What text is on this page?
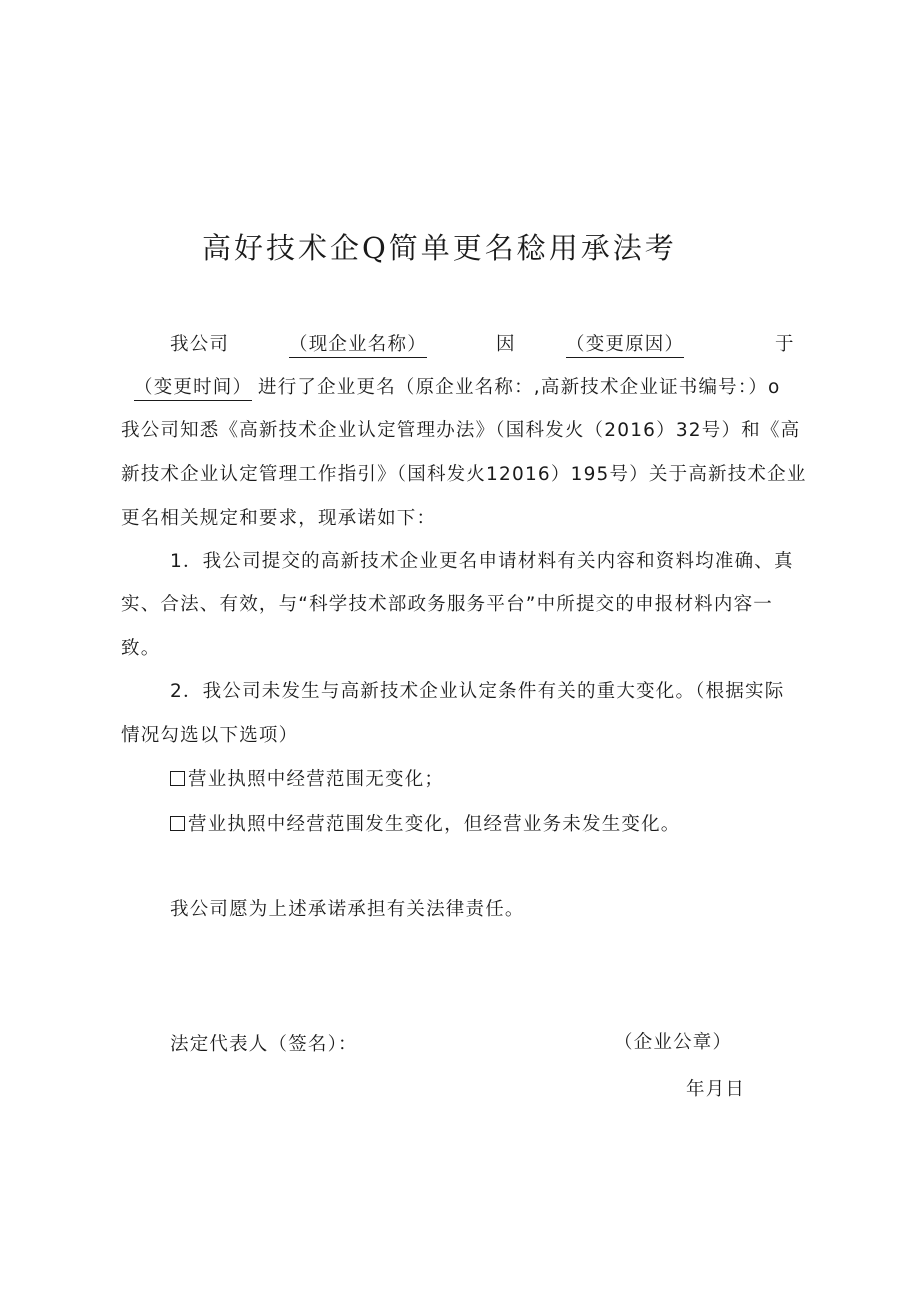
高好技术企Q简单更名稔用承法考
我公司	（现企业名称）	因	（变更原因）	于
（变更时间） 进行了企业更名（原企业名称：,高新技术企业证书编号：）o
我公司知悉《高新技术企业认定管理办法》（国科发火（2016）32号）和《高
新技术企业认定管理工作指引》（国科发火12016）195号）关于高新技术企业
更名相关规定和要求，现承诺如下：
1．我公司提交的高新技术企业更名申请材料有关内容和资料均准确、真
实、合法、有效，与“科学技术部政务服务平台”中所提交的申报材料内容一
致。
2．我公司未发生与高新技术企业认定条件有关的重大变化。（根据实际
情况勾选以下选项）
营业执照中经营范围无变化；
营业执照中经营范围发生变化，但经营业务未发生变化。
我公司愿为上述承诺承担有关法律责任。
法定代表人（签名）：	（企业公章）
年月日
